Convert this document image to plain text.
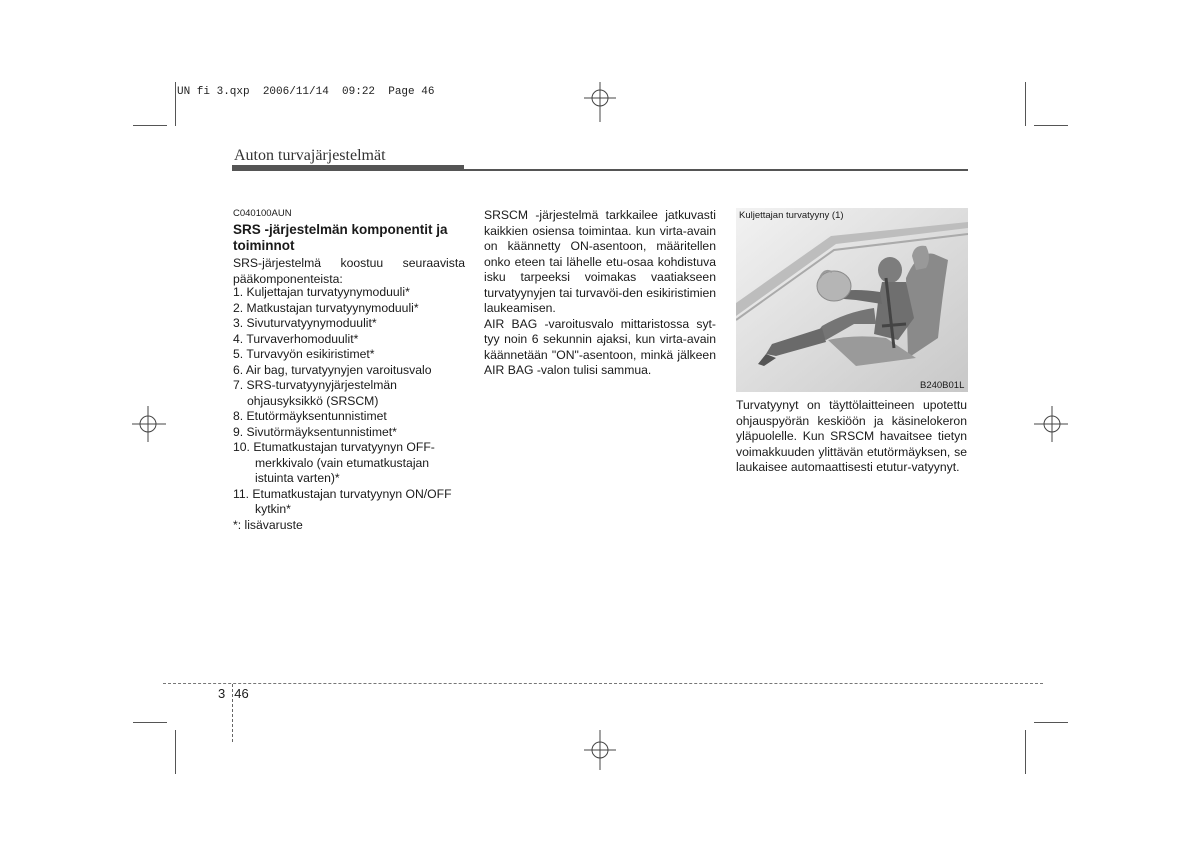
UN fi 3.qxp  2006/11/14  09:22  Page 46
Auton turvajärjestelmät
C040100AUN
SRS -järjestelmän komponentit ja toiminnot
SRS-järjestelmä koostuu seuraavista pääkomponenteista:
1. Kuljettajan turvatyynymoduuli*
2. Matkustajan turvatyynymoduuli*
3. Sivuturvatyynymoduulit*
4. Turvaverhomoduulit*
5. Turvavyön esikiristimet*
6. Air bag, turvatyynyjen varoitusvalo
7. SRS-turvatyynyjärjestelmän ohjausyksikkö (SRSCM)
8. Etutörmäyksentunnistimet
9. Sivutörmäyksentunnistimet*
10. Etumatkustajan turvatyynyn OFF-merkkivalo (vain etumatkustajan istuinta varten)*
11. Etumatkustajan turvatyynyn ON/OFF kytkin*
*: lisävaruste

SRSCM -järjestelmä tarkkailee jatkuvasti kaikkien osiensa toimintaa. kun virta-avain on käännetty ON-asentoon, määritellen onko eteen tai lähelle etu-osaa kohdistuva isku tarpeeksi voimakas vaatiakseen turvatyynyjen tai turvavöi-den esikiristimien laukeamisen.

AIR BAG -varoitusvalo mittaristossa syt-tyy noin 6 sekunnin ajaksi, kun virta-avain käännetään "ON"-asentoon, minkä jälkeen AIR BAG -valon tulisi sammua.

Kuljettajan turvatyyny (1)
B240B01L
Turvatyynyt on täyttölaitteineen upotettu ohjauspyörän keskiöön ja käsinelokeron yläpuolelle. Kun SRSCM havaitsee tietyn voimakkuuden ylittävän etutörmäyksen, se laukaisee automaattisesti etutur-vatyynyt.
3 46
